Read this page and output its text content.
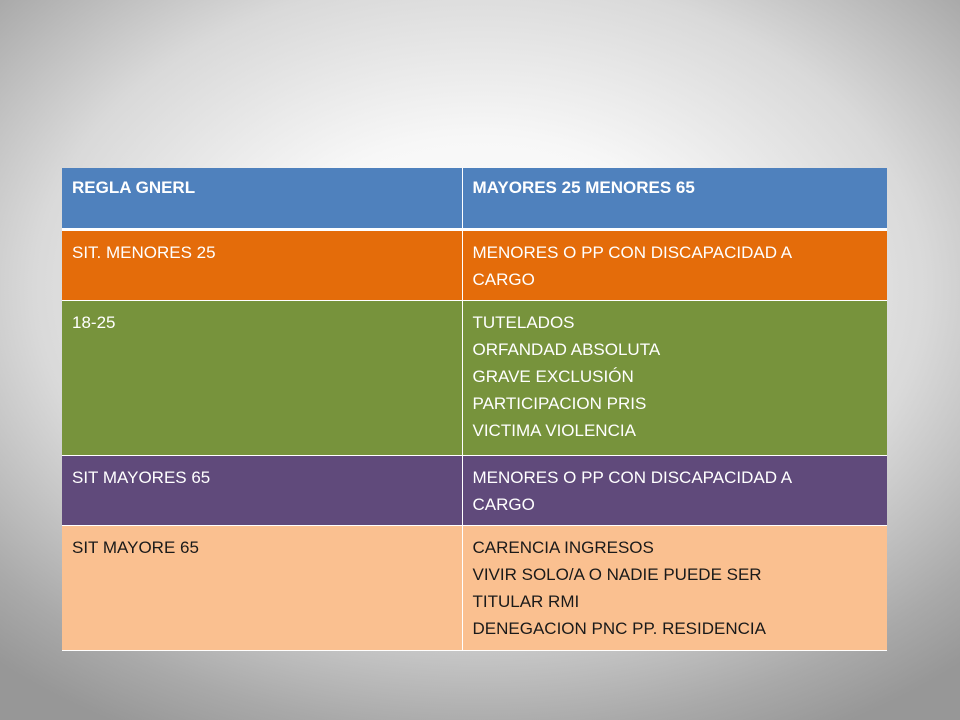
REGLA GNERL	MAYORES 25 MENORES 65
SIT. MENORES 25	MENORES O PP CON DISCAPACIDAD A
CARGO

18-25	TUTELADOS
ORFANDAD ABSOLUTA
GRAVE EXCLUSIÓN
PARTICIPACION PRIS
VICTIMA VIOLENCIA

SIT MAYORES 65	MENORES O PP CON DISCAPACIDAD A
CARGO

SIT MAYORE 65	CARENCIA INGRESOS
VIVIR SOLO/A O NADIE PUEDE SER
TITULAR RMI
DENEGACION PNC PP. RESIDENCIA
